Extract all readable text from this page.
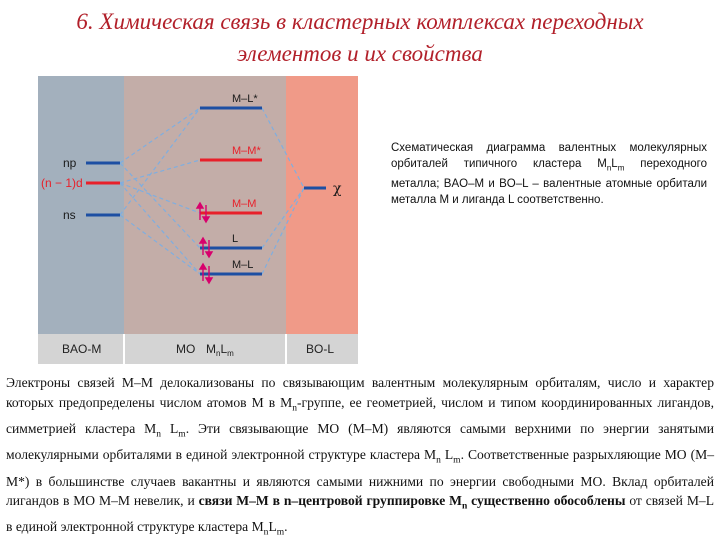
6. Химическая связь в кластерных комплексах переходных
элементов и их свойства
np
(n − 1)d
ns
M–L*
M–M*
M–M
L
M–L
χ
BAO-M	MO $M_nL_m$	BO-L
Схематическая диаграмма валентных молекулярных орбиталей типичного кластера $M_nL_m$ переходного металла; BAO–M и BO–L – валентные атомные орбитали металла M и лиганда L соответственно.
Электроны связей M–M делокализованы по связывающим валентным молекулярным орбиталям, число и характер которых предопределены числом атомов M в $M_n$-группе, ее геометрией, числом и типом координированных лигандов, симметрией кластера $M_n$ $L_m$. Эти связывающие МО (M–M) являются самыми верхними по энергии занятыми молекулярными орбиталями в единой электронной структуре кластера $M_n$ $L_m$. Соответственные разрыхляющие МО (M–M*) в большинстве случаев вакантны и являются самыми нижними по энергии свободными МО. Вклад орбиталей лигандов в МО M–M невелик, и связи M–M в n–центровой группировке $M_n$ существенно обособлены от связей M–L в единой электронной структуре кластера $M_nL_m$.
